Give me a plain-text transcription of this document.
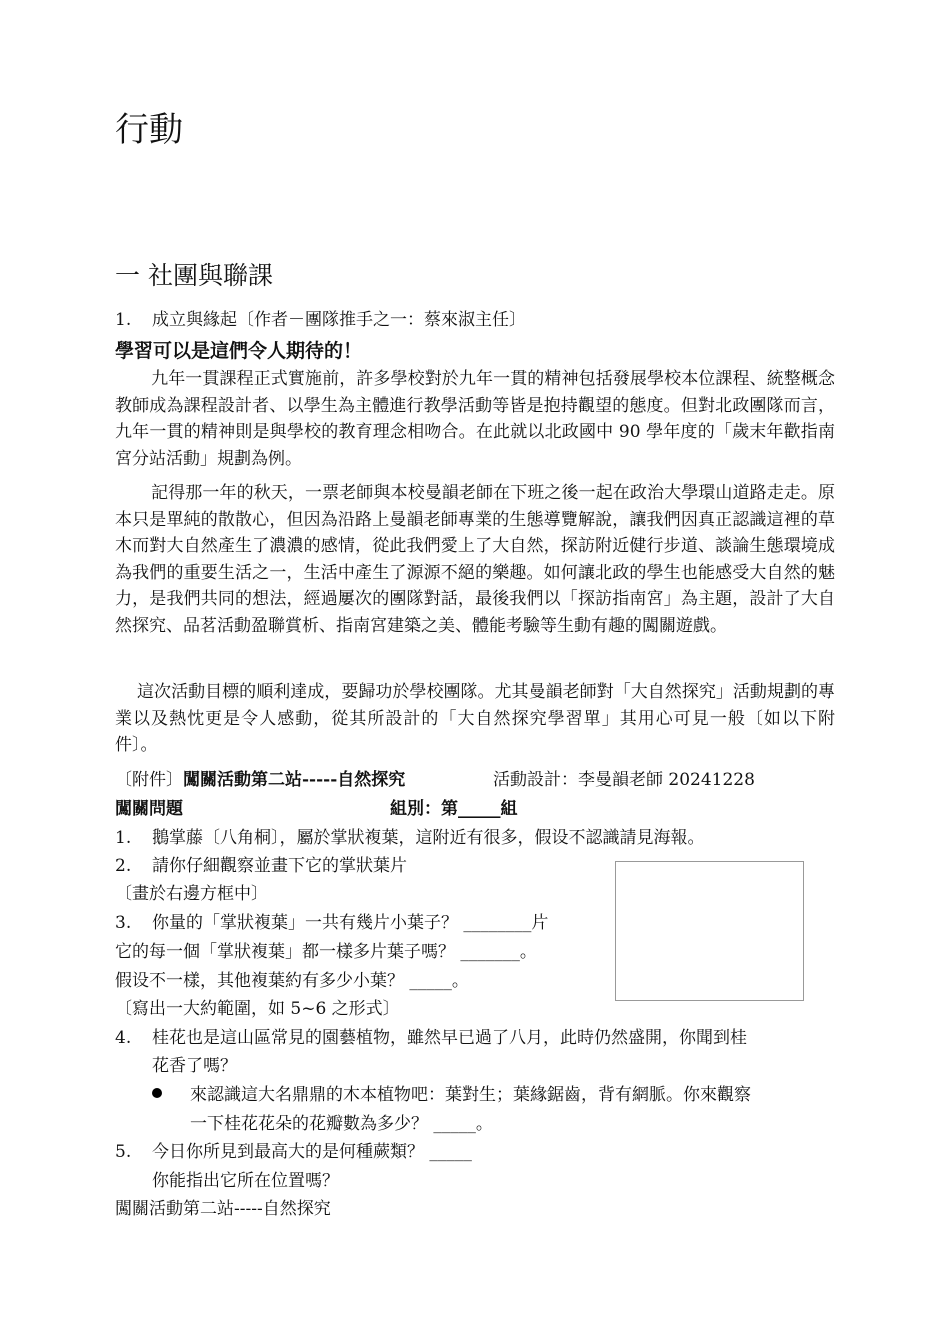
行動
一 社團與聯課
1. 成立與緣起〔作者－團隊推手之一：蔡來淑主任〕
學習可以是這們令人期待的！
九年一貫課程正式實施前，許多學校對於九年一貫的精神包括發展學校本位課程、統整概念教師成為課程設計者、以學生為主體進行教學活動等皆是抱持觀望的態度。但對北政團隊而言，九年一貫的精神則是與學校的教育理念相吻合。在此就以北政國中 90 學年度的「歲末年歡指南宮分站活動」規劃為例。
記得那一年的秋天，一票老師與本校曼韻老師在下班之後一起在政治大學環山道路走走。原本只是單純的散散心，但因為沿路上曼韻老師專業的生態導覽解說，讓我們因真正認識這裡的草木而對大自然產生了濃濃的感情，從此我們愛上了大自然，探訪附近健行步道、談論生態環境成為我們的重要生活之一，生活中產生了源源不絕的樂趣。如何讓北政的學生也能感受大自然的魅力，是我們共同的想法，經過屢次的團隊對話，最後我們以「探訪指南宮」為主題，設計了大自然探究、品茗活動盈聯賞析、指南宮建築之美、體能考驗等生動有趣的闖關遊戲。
這次活動目標的順利達成，要歸功於學校團隊。尤其曼韻老師對「大自然探究」活動規劃的專業以及熱忱更是令人感動，從其所設計的「大自然探究學習單」其用心可見一般〔如以下附件〕。
〔附件〕闖關活動第二站-----自然探究	活動設計：李曼韻老師 20241228
闖關問題	組別：第_____組
1. 鵝掌藤〔八角桐〕，屬於掌狀複葉，這附近有很多，假设不認識請見海報。
2. 請你仔細觀察並畫下它的掌狀葉片
〔畫於右邊方框中〕
3. 你量的「掌狀複葉」一共有幾片小葉子？ ________片
它的每一個「掌狀複葉」都一樣多片葉子嗎？ _______。
假设不一樣，其他複葉約有多少小葉？ _____。
〔寫出一大約範圍，如 5~6 之形式〕
4. 桂花也是這山區常見的園藝植物，雖然早已過了八月，此時仍然盛開，你聞到桂
花香了嗎？
來認識這大名鼎鼎的木本植物吧：葉對生；葉緣鋸齒，背有網脈。你來觀察
一下桂花花朵的花瓣數為多少？ _____。
5. 今日你所見到最高大的是何種蕨類？ _____
你能指出它所在位置嗎？
闖關活動第二站-----自然探究
